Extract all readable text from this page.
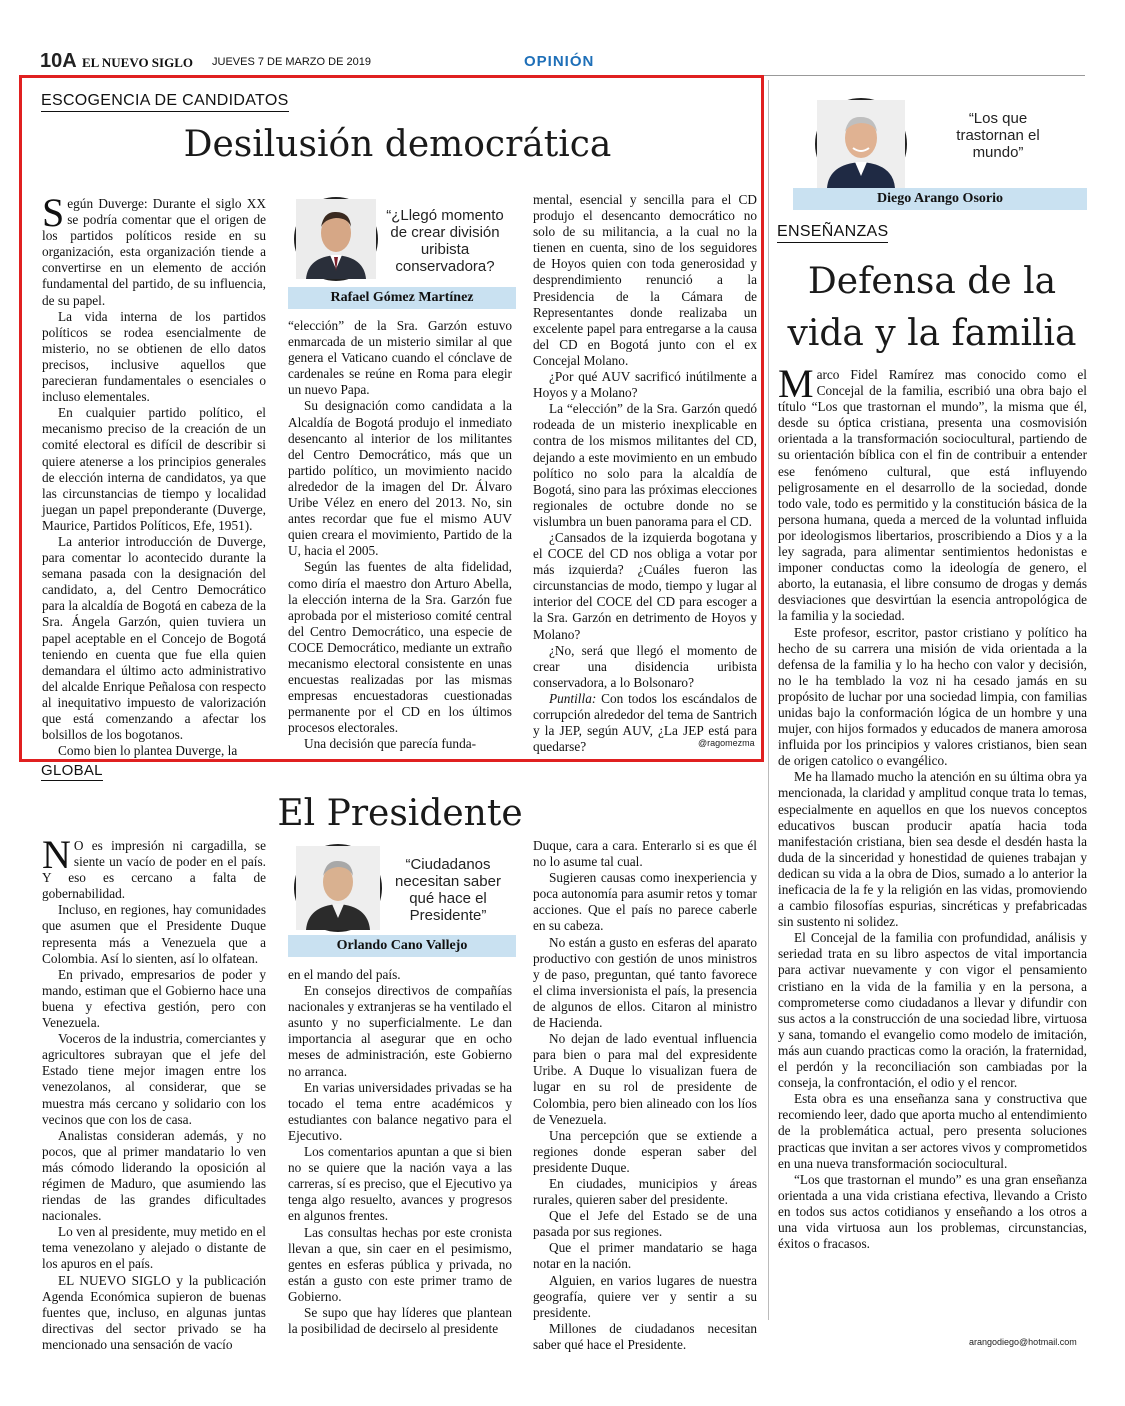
10A EL NUEVO SIGLO JUEVES 7 DE MARZO DE 2019	OPINIÓN
ESCOGENCIA DE CANDIDATOS
Desilusión democrática
S egún Duverge: Durante el siglo XX se podría comentar que el origen de los partidos políticos reside en su organización, esta organización tiende a convertirse en un elemento de acción fundamental del partido, de su influencia, de su papel.

La vida interna de los partidos políticos se rodea esencialmente de misterio, no se obtienen de ello datos precisos, inclusive aquellos que parecieran fundamentales o esenciales o incluso elementales.

En cualquier partido político, el mecanismo preciso de la creación de un comité electoral es difícil de describir si quiere atenerse a los principios generales de elección interna de candidatos, ya que las circunstancias de tiempo y localidad juegan un papel preponderante (Duverge, Maurice, Partidos Políticos, Efe, 1951).

La anterior introducción de Duverge, para comentar lo acontecido durante la semana pasada con la designación del candidato, a, del Centro Democrático para la alcaldía de Bogotá en cabeza de la Sra. Ángela Garzón, quien tuviera un papel aceptable en el Concejo de Bogotá teniendo en cuenta que fue ella quien demandara el último acto administrativo del alcalde Enrique Peñalosa con respecto al inequitativo impuesto de valorización que está comenzando a afectar los bolsillos de los bogotanos.

Como bien lo plantea Duverge, la

“¿Llegó momento de crear división uribista conservadora?
Rafael Gómez Martínez

“elección” de la Sra. Garzón estuvo enmarcada de un misterio similar al que genera el Vaticano cuando el cónclave de cardenales se reúne en Roma para elegir un nuevo Papa.

Su designación como candidata a la Alcaldía de Bogotá produjo el inmediato desencanto al interior de los militantes del Centro Democrático, más que un partido político, un movimiento nacido alrededor de la imagen del Dr. Álvaro Uribe Vélez en enero del 2013. No, sin antes recordar que fue el mismo AUV quien creara el movimiento, Partido de la U, hacia el 2005.

Según las fuentes de alta fidelidad, como diría el maestro don Arturo Abella, la elección interna de la Sra. Garzón fue aprobada por el misterioso comité central del Centro Democrático, una especie de COCE Democrático, mediante un extraño mecanismo electoral consistente en unas encuestas realizadas por las mismas empresas encuestadoras cuestionadas permanente por el CD en los últimos procesos electorales.

Una decisión que parecía funda-

mental, esencial y sencilla para el CD produjo el desencanto democrático no solo de su militancia, a la cual no la tienen en cuenta, sino de los seguidores de Hoyos quien con toda generosidad y desprendimiento renunció a la Presidencia de la Cámara de Representantes donde realizaba un excelente papel para entregarse a la causa del CD en Bogotá junto con el ex Concejal Molano.

¿Por qué AUV sacrificó inútilmente a Hoyos y a Molano?

La “elección” de la Sra. Garzón quedó rodeada de un misterio inexplicable en contra de los mismos militantes del CD, dejando a este movimiento en un embudo político no solo para la alcaldía de Bogotá, sino para las próximas elecciones regionales de octubre donde no se vislumbra un buen panorama para el CD.

¿Cansados de la izquierda bogotana y el COCE del CD nos obliga a votar por más izquierda? ¿Cuáles fueron las circunstancias de modo, tiempo y lugar al interior del COCE del CD para escoger a la Sra. Garzón en detrimento de Hoyos y Molano?

¿No, será que llegó el momento de crear una disidencia uribista conservadora, a lo Bolsonaro?

Puntilla: Con todos los escándalos de corrupción alrededor del tema de Santrich y la JEP, según AUV, ¿La JEP está para quedarse?	@ragomezma
GLOBAL
El Presidente
N O es impresión ni cargadilla, se siente un vacío de poder en el país. Y eso es cercano a falta de gobernabilidad.

Incluso, en regiones, hay comunidades que asumen que el Presidente Duque representa más a Venezuela que a Colombia. Así lo sienten, así lo olfatean.

En privado, empresarios de poder y mando, estiman que el Gobierno hace una buena y efectiva gestión, pero con Venezuela.

Voceros de la industria, comerciantes y agricultores subrayan que el jefe del Estado tiene mejor imagen entre los venezolanos, al considerar, que se muestra más cercano y solidario con los vecinos que con los de casa.

Analistas consideran además, y no pocos, que al primer mandatario lo ven más cómodo liderando la oposición al régimen de Maduro, que asumiendo las riendas de las grandes dificultades nacionales.

Lo ven al presidente, muy metido en el tema venezolano y alejado o distante de los apuros en el país.

EL NUEVO SIGLO y la publicación Agenda Económica supieron de buenas fuentes que, incluso, en algunas juntas directivas del sector privado se ha mencionado una sensación de vacío

“Ciudadanos necesitan saber qué hace el Presidente”
Orlando Cano Vallejo

en el mando del país.

En consejos directivos de compañías nacionales y extranjeras se ha ventilado el asunto y no superficialmente. Le dan importancia al asegurar que en ocho meses de administración, este Gobierno no arranca.

En varias universidades privadas se ha tocado el tema entre académicos y estudiantes con balance negativo para el Ejecutivo.

Los comentarios apuntan a que si bien no se quiere que la nación vaya a las carreras, sí es preciso, que el Ejecutivo ya tenga algo resuelto, avances y progresos en algunos frentes.

Las consultas hechas por este cronista llevan a que, sin caer en el pesimismo, gentes en esferas pública y privada, no están a gusto con este primer tramo de Gobierno.

Se supo que hay líderes que plantean la posibilidad de decirselo al presidente

Duque, cara a cara. Enterarlo si es que él no lo asume tal cual.

Sugieren causas como inexperiencia y poca autonomía para asumir retos y tomar acciones. Que el país no parece caberle en su cabeza.

No están a gusto en esferas del aparato productivo con gestión de unos ministros y de paso, preguntan, qué tanto favorece el clima inversionista el país, la presencia de algunos de ellos. Citaron al ministro de Hacienda.

No dejan de lado eventual influencia para bien o para mal del expresidente Uribe. A Duque lo visualizan fuera de lugar en su rol de presidente de Colombia, pero bien alineado con los líos de Venezuela.

Una percepción que se extiende a regiones donde esperan saber del presidente Duque.

En ciudades, municipios y áreas rurales, quieren saber del presidente.

Que el Jefe del Estado se de una pasada por sus regiones.

Que el primer mandatario se haga notar en la nación.

Alguien, en varios lugares de nuestra geografía, quiere ver y sentir a su presidente.

Millones de ciudadanos necesitan saber qué hace el Presidente.

“Los que trastornan el mundo”
Diego Arango Osorio
ENSEÑANZAS
Defensa de la
vida y la familia
M arco Fidel Ramírez mas conocido como el Concejal de la familia, escribió una obra bajo el título “Los que trastornan el mundo”, la misma que él, desde su óptica cristiana, presenta una cosmovisión orientada a la transformación sociocultural, partiendo de su orientación bíblica con el fin de contribuir a entender ese fenómeno cultural, que está influyendo peligrosamente en el desarrollo de la sociedad, donde todo vale, todo es permitido y la constitución básica de la persona humana, queda a merced de la voluntad influida por ideologismos libertarios, proscribiendo a Dios y a la ley sagrada, para alimentar sentimientos hedonistas e imponer conductas como la ideología de genero, el aborto, la eutanasia, el libre consumo de drogas y demás desviaciones que desvirtúan la esencia antropológica de la familia y la sociedad.

Este profesor, escritor, pastor cristiano y político ha hecho de su carrera una misión de vida orientada a la defensa de la familia y lo ha hecho con valor y decisión, no le ha temblado la voz ni ha cesado jamás en su propósito de luchar por una sociedad limpia, con familias unidas bajo la conformación lógica de un hombre y una mujer, con hijos formados y educados de manera amorosa influida por los principios y valores cristianos, bien sean de origen catolico o evangélico.

Me ha llamado mucho la atención en su última obra ya mencionada, la claridad y amplitud conque trata lo temas, especialmente en aquellos en que los nuevos conceptos educativos buscan producir apatía hacia toda manifestación cristiana, bien sea desde el desdén hasta la duda de la sinceridad y honestidad de quienes trabajan y dedican su vida a la obra de Dios, sumado a lo anterior la ineficacia de la fe y la religión en las vidas, promoviendo a cambio filosofías espurias, sincréticas y prefabricadas sin sustento ni solidez.

El Concejal de la familia con profundidad, análisis y seriedad trata en su libro aspectos de vital importancia para activar nuevamente y con vigor el pensamiento cristiano en la vida de la familia y en la persona, a comprometerse como ciudadanos a llevar y difundir con sus actos a la construcción de una sociedad libre, virtuosa y sana, tomando el evangelio como modelo de imitación, más aun cuando practicas como la oración, la fraternidad, el perdón y la reconciliación son cambiadas por la conseja, la confrontación, el odio y el rencor.

Esta obra es una enseñanza sana y constructiva que recomiendo leer, dado que aporta mucho al entendimiento de la problemática actual, pero presenta soluciones practicas que invitan a ser actores vivos y comprometidos en una nueva transformación sociocultural.

“Los que trastornan el mundo” es una gran enseñanza orientada a una vida cristiana efectiva, llevando a Cristo en todos sus actos cotidianos y enseñando a los otros a una vida virtuosa aun los problemas, circunstancias, éxitos o fracasos.

arangodiego@hotmail.com
